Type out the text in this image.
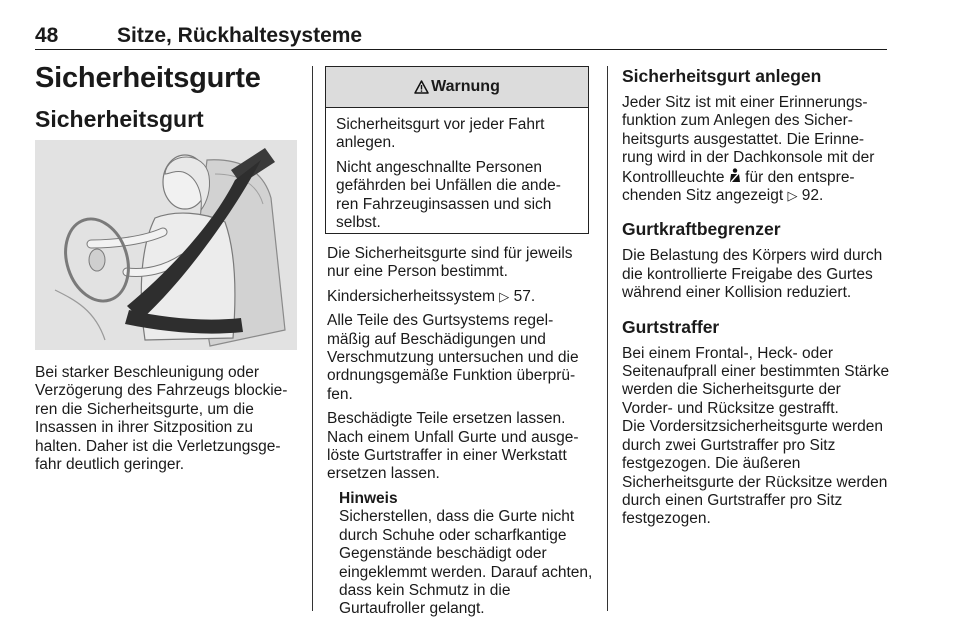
48	Sitze, Rückhaltesysteme
Sicherheitsgurte
Sicherheitsgurt

Bei starker Beschleunigung oder Verzögerung des Fahrzeugs blockie- ren die Sicherheitsgurte, um die Insassen in ihrer Sitzposition zu halten. Daher ist die Verletzungsge- fahr deutlich geringer.

Warnung

Sicherheitsgurt vor jeder Fahrt anlegen.

Nicht angeschnallte Personen gefährden bei Unfällen die ande- ren Fahrzeuginsassen und sich selbst.

Die Sicherheitsgurte sind für jeweils nur eine Person bestimmt.

Kindersicherheitssystem ▷ 57.

Alle Teile des Gurtsystems regel- mäßig auf Beschädigungen und Verschmutzung untersuchen und die ordnungsgemäße Funktion überprü- fen.

Beschädigte Teile ersetzen lassen. Nach einem Unfall Gurte und ausge- löste Gurtstraffer in einer Werkstatt ersetzen lassen.

Hinweis
Sicherstellen, dass die Gurte nicht durch Schuhe oder scharfkantige Gegenstände beschädigt oder eingeklemmt werden. Darauf achten, dass kein Schmutz in die Gurtaufroller gelangt.
Sicherheitsgurt anlegen

Jeder Sitz ist mit einer Erinnerungs- funktion zum Anlegen des Sicher- heitsgurts ausgestattet. Die Erinne- rung wird in der Dachkonsole mit der Kontrollleuchte für den entspre- chenden Sitz angezeigt ▷ 92.

Gurtkraftbegrenzer

Die Belastung des Körpers wird durch die kontrollierte Freigabe des Gurtes während einer Kollision reduziert.

Gurtstraffer

Bei einem Frontal-, Heck- oder Seitenaufprall einer bestimmten Stärke werden die Sicherheitsgurte der Vorder- und Rücksitze gestrafft.

Die Vordersitzsicherheitsgurte werden durch zwei Gurtstraffer pro Sitz festgezogen. Die äußeren Sicherheitsgurte der Rücksitze werden durch einen Gurtstraffer pro Sitz festgezogen.
